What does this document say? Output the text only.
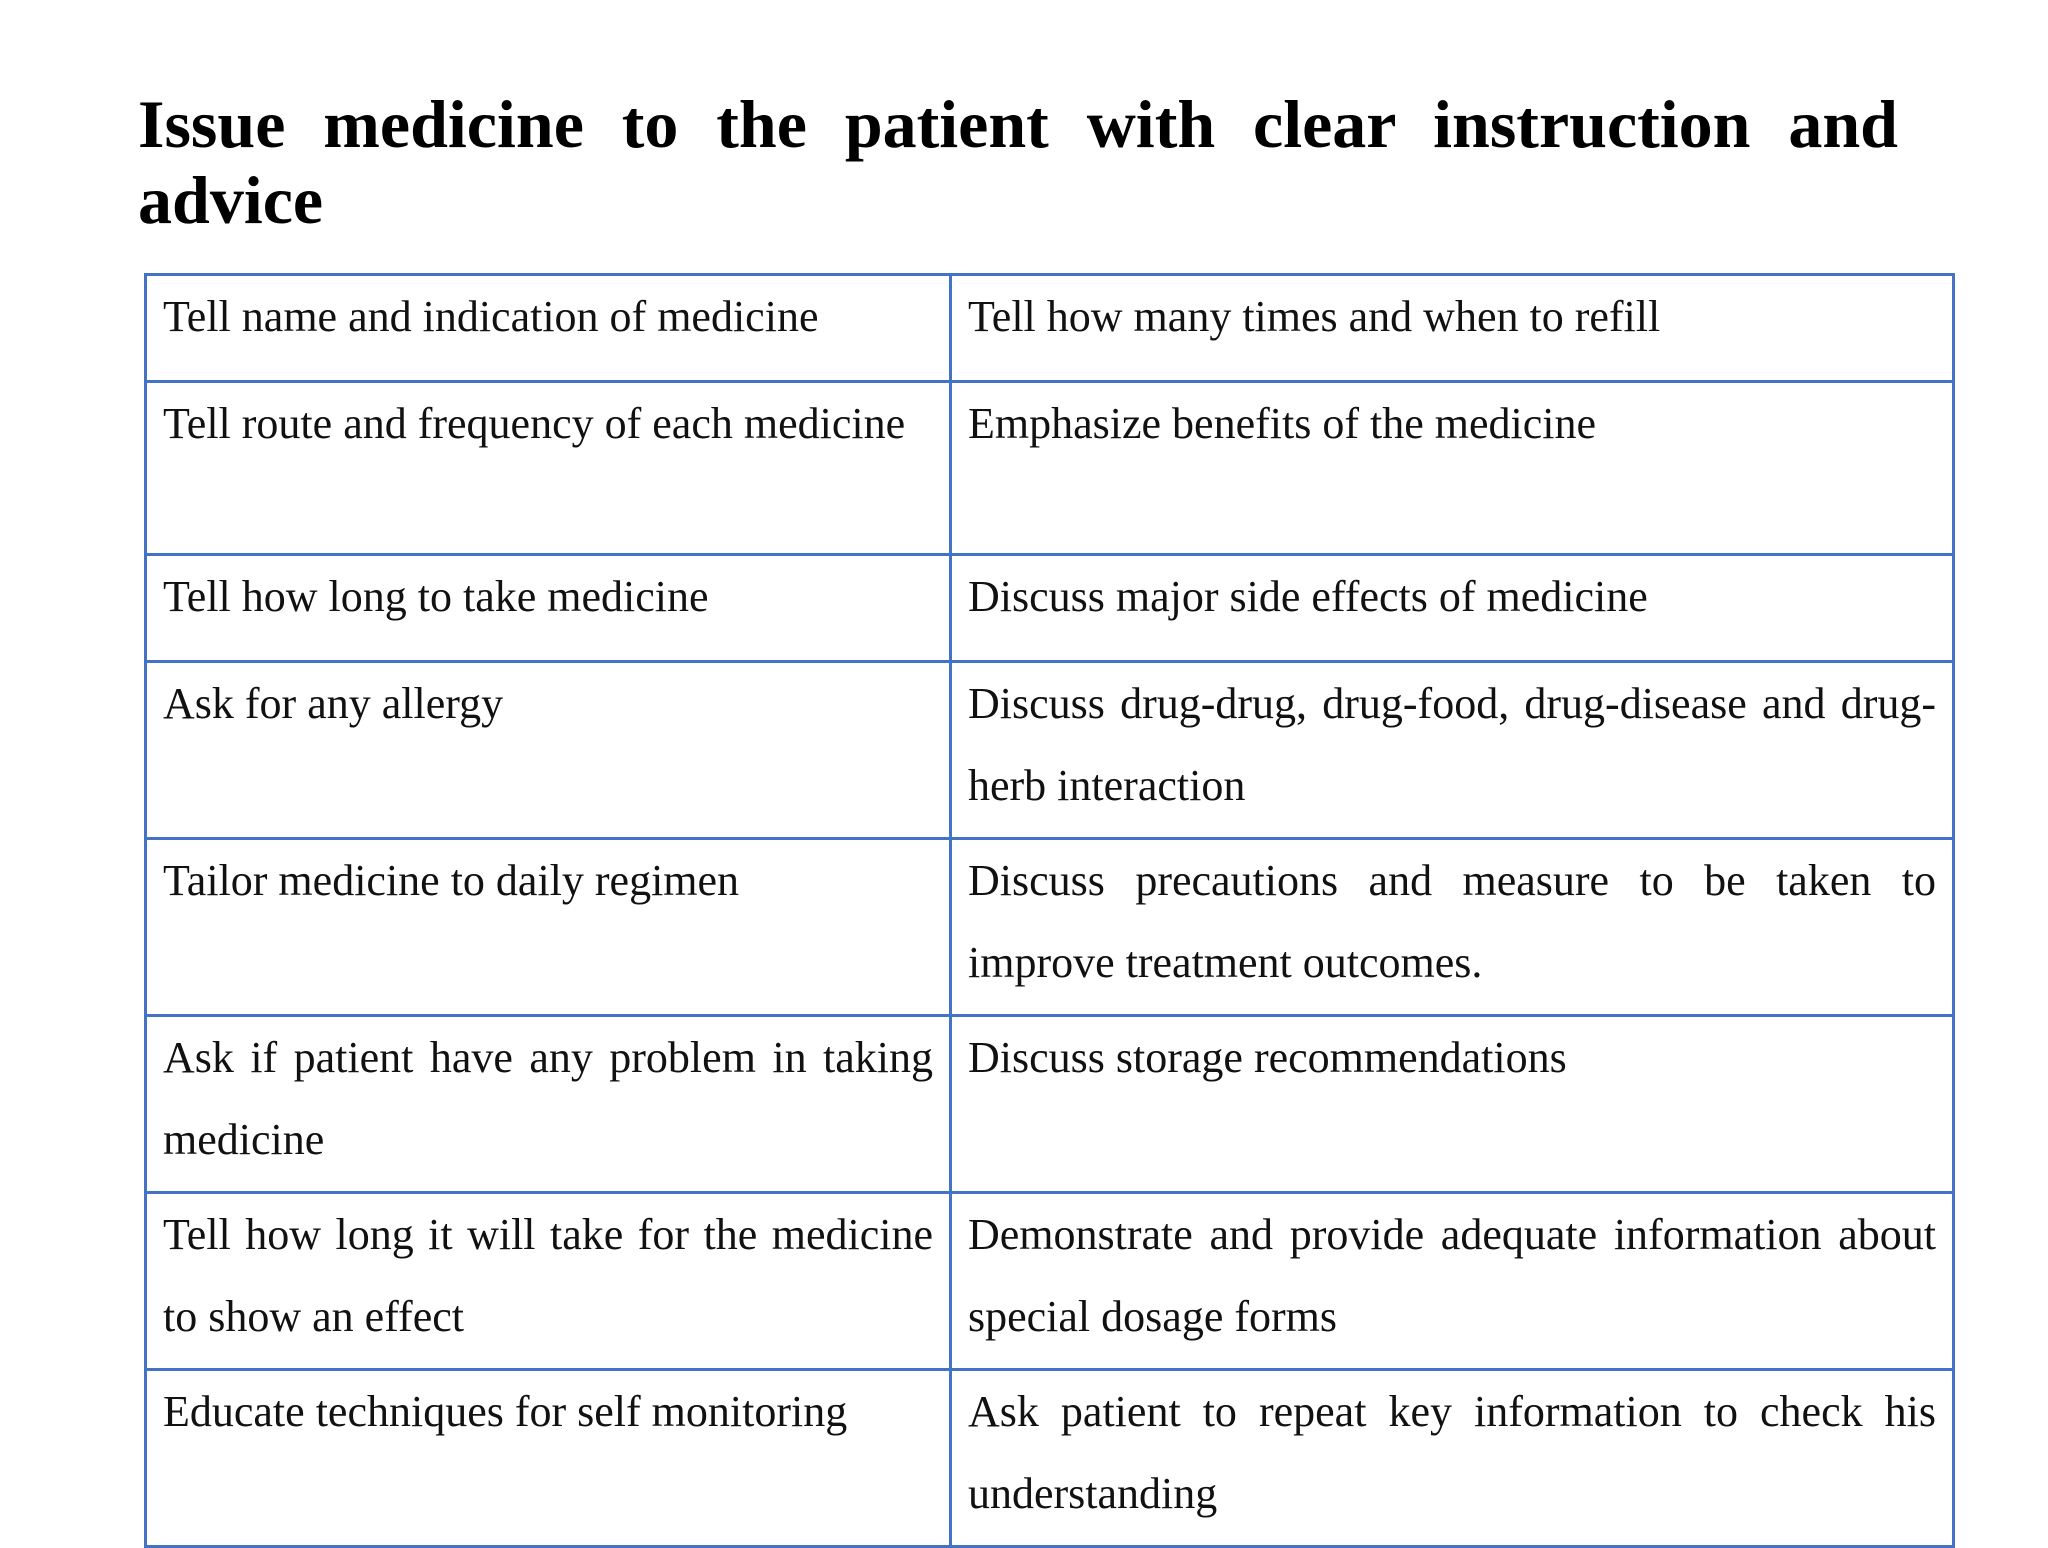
Issue medicine to the patient with clear instruction and advice
Tell name and indication of medicine	Tell how many times and when to refill

Tell route and frequency of each medicine	Emphasize benefits of the medicine

Tell how long to take medicine	Discuss major side effects of medicine

Ask for any allergy	Discuss drug-drug, drug-food, drug-disease and drug-herb interaction

Tailor medicine to daily regimen	Discuss precautions and measure to be taken to improve treatment outcomes.

Ask if patient have any problem in taking medicine	Discuss storage recommendations

Tell how long it will take for the medicine to show an effect	Demonstrate and provide adequate information about special dosage forms

Educate techniques for self monitoring	Ask patient to repeat key information to check his understanding
